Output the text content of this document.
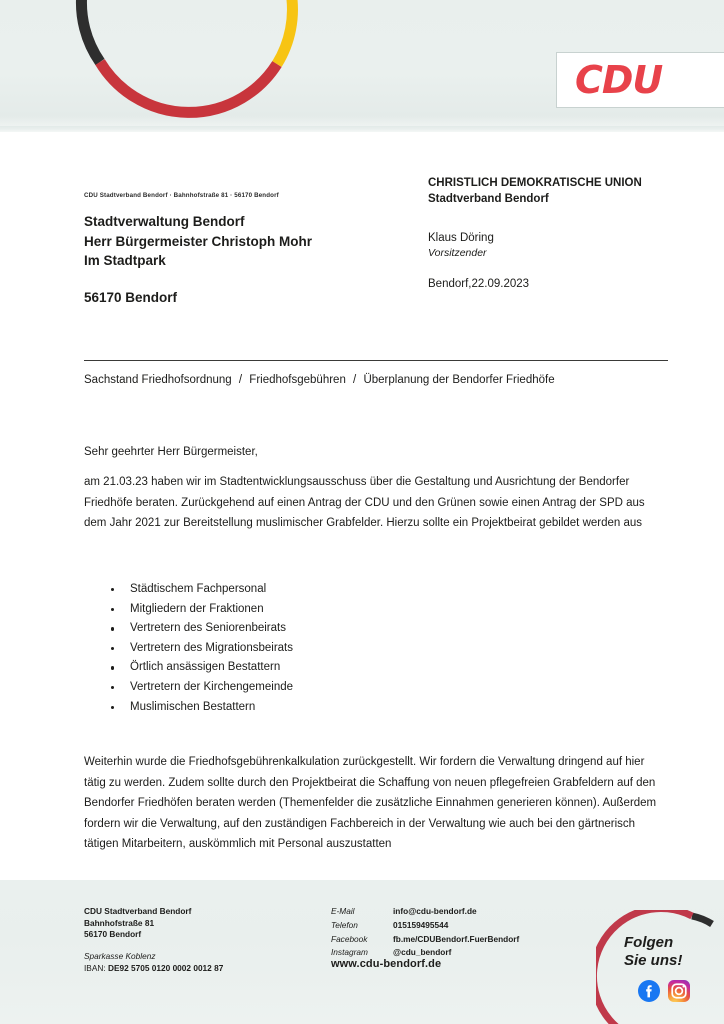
CDU
CDU Stadtverband Bendorf · Bahnhofstraße 81 · 56170 Bendorf
Stadtverwaltung Bendorf
Herr Bürgermeister Christoph Mohr
Im Stadtpark
56170 Bendorf
CHRISTLICH DEMOKRATISCHE UNION
Stadtverband Bendorf
Klaus Döring
Vorsitzender
Bendorf,22.09.2023
Sachstand Friedhofsordnung / Friedhofsgebühren / Überplanung der Bendorfer Friedhöfe
Sehr geehrter Herr Bürgermeister,
am 21.03.23 haben wir im Stadtentwicklungsausschuss über die Gestaltung und Ausrichtung der Bendorfer Friedhöfe beraten. Zurückgehend auf einen Antrag der CDU und den Grünen sowie einen Antrag der SPD aus dem Jahr 2021 zur Bereitstellung muslimischer Grabfelder. Hierzu sollte ein Projektbeirat gebildet werden aus
Städtischem Fachpersonal
Mitgliedern der Fraktionen
Vertretern des Seniorenbeirats
Vertretern des Migrationsbeirats
Örtlich ansässigen Bestattern
Vertretern der Kirchengemeinde
Muslimischen Bestattern
Weiterhin wurde die Friedhofsgebührenkalkulation zurückgestellt. Wir fordern die Verwaltung dringend auf hier tätig zu werden. Zudem sollte durch den Projektbeirat die Schaffung von neuen pflegefreien Grabfeldern auf den Bendorfer Friedhöfen beraten werden (Themenfelder die zusätzliche Einnahmen generieren können). Außerdem fordern wir die Verwaltung, auf den zuständigen Fachbereich in der Verwaltung wie auch bei den gärtnerisch tätigen Mitarbeitern, auskömmlich mit Personal auszustatten
CDU Stadtverband Bendorf
Bahnhofstraße 81
56170 Bendorf
Sparkasse Koblenz
IBAN: DE92 5705 0120 0002 0012 87
E-Mail	info@cdu-bendorf.de
Telefon	015159495544
Facebook	fb.me/CDUBendorf.FuerBendorf
Instagram	@cdu_bendorf
www.cdu-bendorf.de
Folgen
Sie uns!
